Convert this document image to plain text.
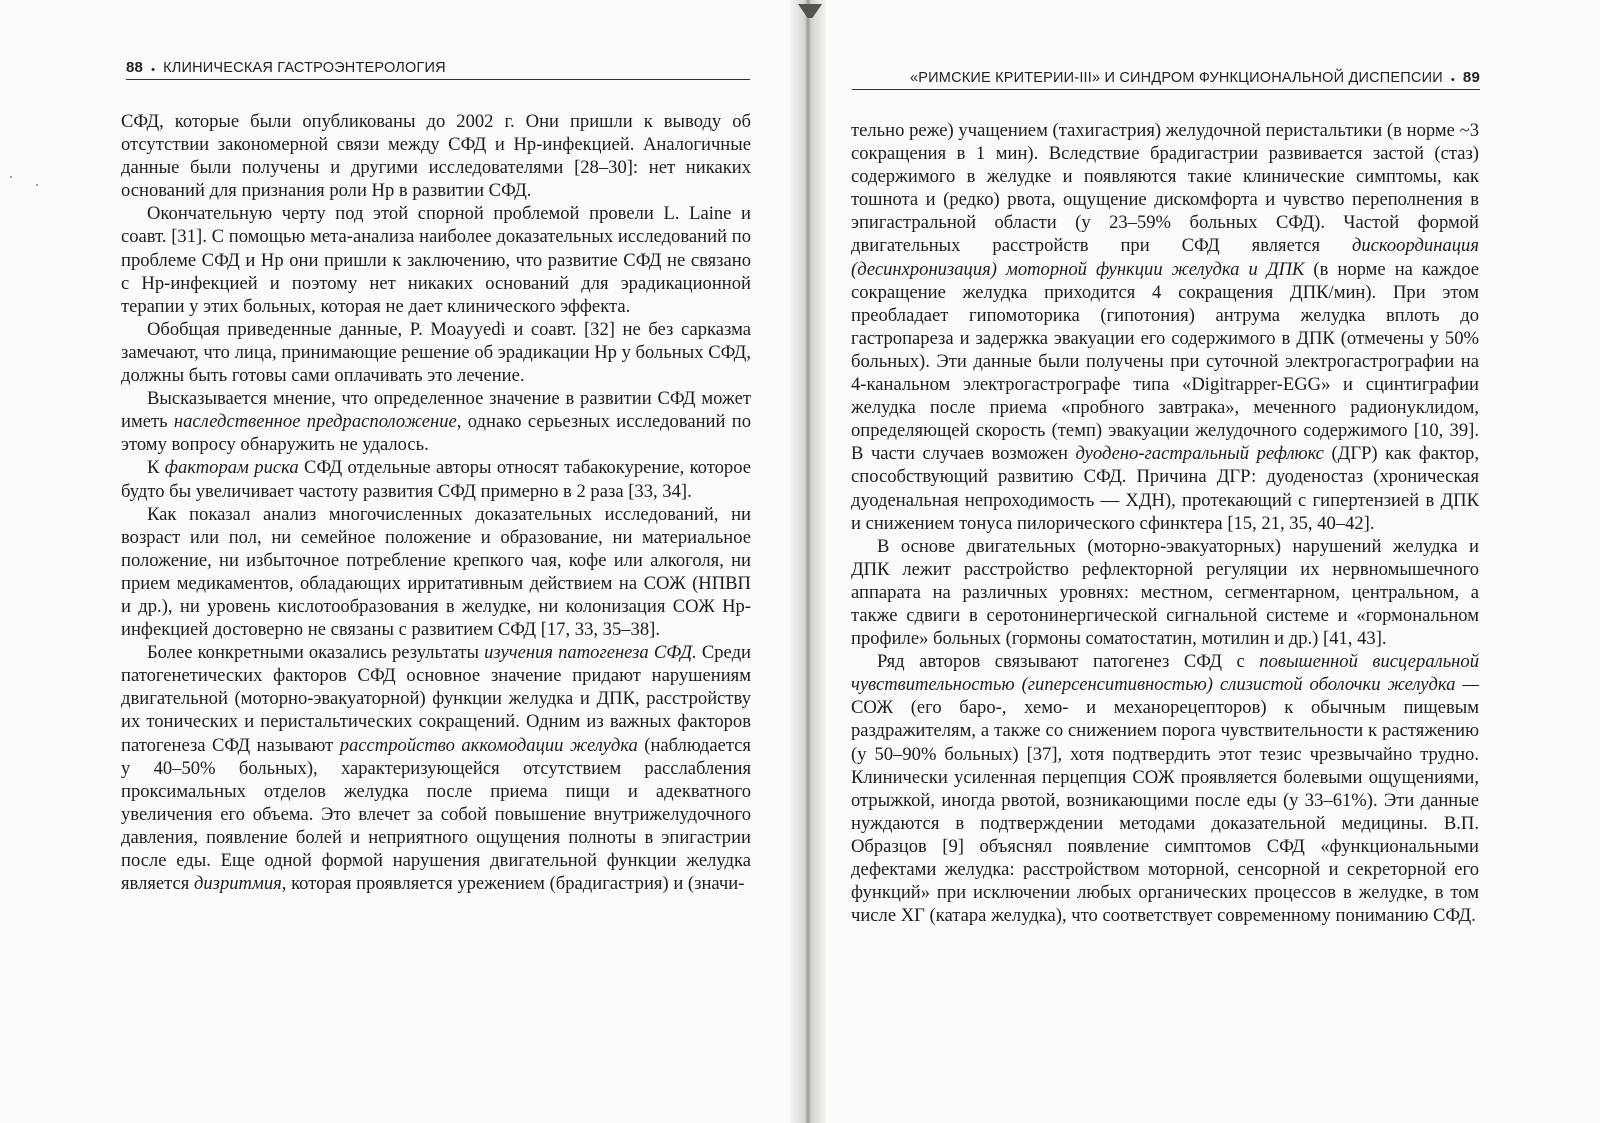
88 • КЛИНИЧЕСКАЯ ГАСТРОЭНТЕРОЛОГИЯ
«РИМСКИЕ КРИТЕРИИ-III» И СИНДРОМ ФУНКЦИОНАЛЬНОЙ ДИСПЕПСИИ • 89

СФД, которые были опубликованы до 2002 г. Они пришли к выводу об отсутствии закономерной связи между СФД и Hp-инфекцией. Аналогичные данные были получены и другими исследователями [28–30]: нет никаких оснований для признания роли Hp в развитии СФД.

Окончательную черту под этой спорной проблемой провели L. Laine и соавт. [31]. С помощью мета-анализа наиболее доказательных исследований по проблеме СФД и Hp они пришли к заключению, что развитие СФД не связано с Hp-инфекцией и поэтому нет никаких оснований для эрадикационной терапии у этих больных, которая не дает клинического эффекта.

Обобщая приведенные данные, P. Moayyedi и соавт. [32] не без сарказма замечают, что лица, принимающие решение об эрадикации Hp у больных СФД, должны быть готовы сами оплачивать это лечение.

Высказывается мнение, что определенное значение в развитии СФД может иметь наследственное предрасположение, однако серьезных исследований по этому вопросу обнаружить не удалось.

К факторам риска СФД отдельные авторы относят табакокурение, которое будто бы увеличивает частоту развития СФД примерно в 2 раза [33, 34].

Как показал анализ многочисленных доказательных исследований, ни возраст или пол, ни семейное положение и образование, ни материальное положение, ни избыточное потребление крепкого чая, кофе или алкоголя, ни прием медикаментов, обладающих ирритативным действием на СОЖ (НПВП и др.), ни уровень кислотообразования в желудке, ни колонизация СОЖ Hp-инфекцией достоверно не связаны с развитием СФД [17, 33, 35–38].

Более конкретными оказались результаты изучения патогенеза СФД. Среди патогенетических факторов СФД основное значение придают нарушениям двигательной (моторно-эвакуаторной) функции желудка и ДПК, расстройству их тонических и перистальтических сокращений. Одним из важных факторов патогенеза СФД называют расстройство аккомодации желудка (наблюдается у 40–50% больных), характеризующейся отсутствием расслабления проксимальных отделов желудка после приема пищи и адекватного увеличения его объема. Это влечет за собой повышение внутрижелудочного давления, появление болей и неприятного ощущения полноты в эпигастрии после еды. Еще одной формой нарушения двигательной функции желудка является дизритмия, которая проявляется урежением (брадигастрия) и (значи-

тельно реже) учащением (тахигастрия) желудочной перистальтики (в норме ~3 сокращения в 1 мин). Вследствие брадигастрии развивается застой (стаз) содержимого в желудке и появляются такие клинические симптомы, как тошнота и (редко) рвота, ощущение дискомфорта и чувство переполнения в эпигастральной области (у 23–59% больных СФД). Частой формой двигательных расстройств при СФД является дискоординация (десинхронизация) моторной функции желудка и ДПК (в норме на каждое сокращение желудка приходится 4 сокращения ДПК/мин). При этом преобладает гипомоторика (гипотония) антрума желудка вплоть до гастропареза и задержка эвакуации его содержимого в ДПК (отмечены у 50% больных). Эти данные были получены при суточной электрогастрографии на 4-канальном электрогастрографе типа «Digitrapper-EGG» и сцинтиграфии желудка после приема «пробного завтрака», меченного радионуклидом, определяющей скорость (темп) эвакуации желудочного содержимого [10, 39]. В части случаев возможен дуодено-гастральный рефлюкс (ДГР) как фактор, способствующий развитию СФД. Причина ДГР: дуоденостаз (хроническая дуоденальная непроходимость — ХДН), протекающий с гипертензией в ДПК и снижением тонуса пилорического сфинктера [15, 21, 35, 40–42].

В основе двигательных (моторно-эвакуаторных) нарушений желудка и ДПК лежит расстройство рефлекторной регуляции их нервномышечного аппарата на различных уровнях: местном, сегментарном, центральном, а также сдвиги в серотонинергической сигнальной системе и «гормональном профиле» больных (гормоны соматостатин, мотилин и др.) [41, 43].

Ряд авторов связывают патогенез СФД с повышенной висцеральной чувствительностью (гиперсенситивностью) слизистой оболочки желудка — СОЖ (его баро-, хемо- и механорецепторов) к обычным пищевым раздражителям, а также со снижением порога чувствительности к растяжению (у 50–90% больных) [37], хотя подтвердить этот тезис чрезвычайно трудно. Клинически усиленная перцепция СОЖ проявляется болевыми ощущениями, отрыжкой, иногда рвотой, возникающими после еды (у 33–61%). Эти данные нуждаются в подтверждении методами доказательной медицины. В.П. Образцов [9] объяснял появление симптомов СФД «функциональными дефектами желудка: расстройством моторной, сенсорной и секреторной его функций» при исключении любых органических процессов в желудке, в том числе ХГ (катара желудка), что соответствует современному пониманию СФД.
